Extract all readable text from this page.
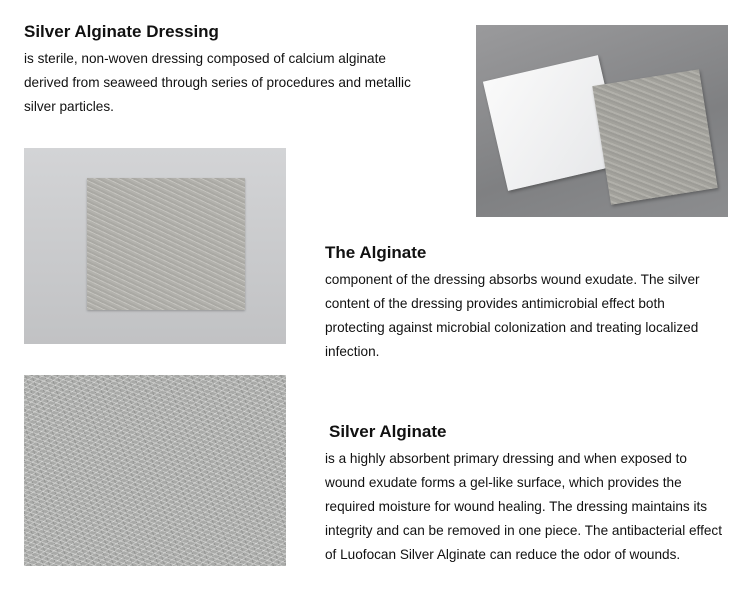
Silver Alginate Dressing
is sterile, non-woven dressing composed of calcium alginate
derived from seaweed through series of procedures and metallic
silver particles.
The Alginate
component of the dressing absorbs wound exudate. The silver
content of the dressing provides antimicrobial effect both
protecting against microbial colonization and treating localized
infection.
Silver Alginate
is a highly absorbent primary dressing and when exposed to
wound exudate forms a gel-like surface, which provides the
required moisture for wound healing. The dressing maintains its
integrity and can be removed in one piece. The antibacterial effect
of Luofocan Silver Alginate can reduce the odor of wounds.
